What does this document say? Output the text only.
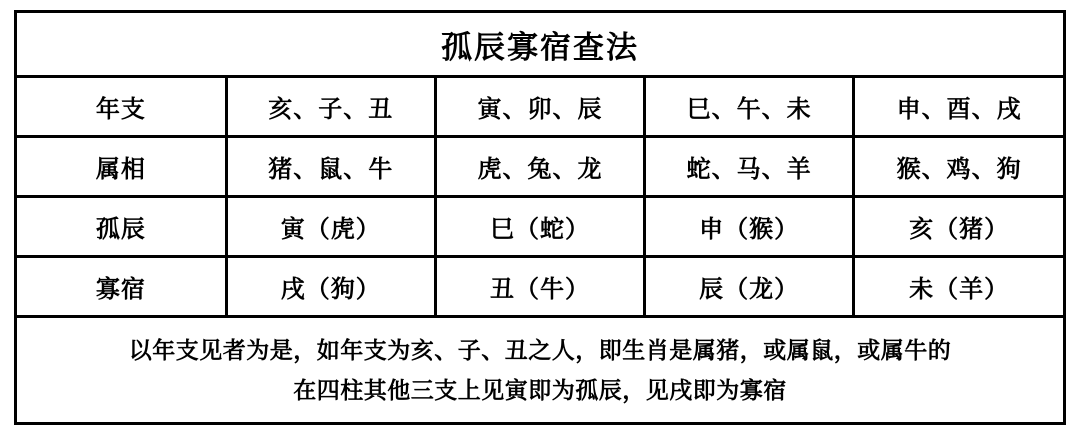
孤辰寡宿查法				
年支	亥、子、丑	寅、卯、辰	巳、午、未	申、酉、戌
属相	猪、鼠、牛	虎、兔、龙	蛇、马、羊	猴、鸡、狗
孤辰	寅（虎）	巳（蛇）	申（猴）	亥（猪）
寡宿	戌（狗）	丑（牛）	辰（龙）	未（羊）

以年支见者为是，如年支为亥、子、丑之人，即生肖是属猪，或属鼠，或属牛的
在四柱其他三支上见寅即为孤辰，见戌即为寡宿				
